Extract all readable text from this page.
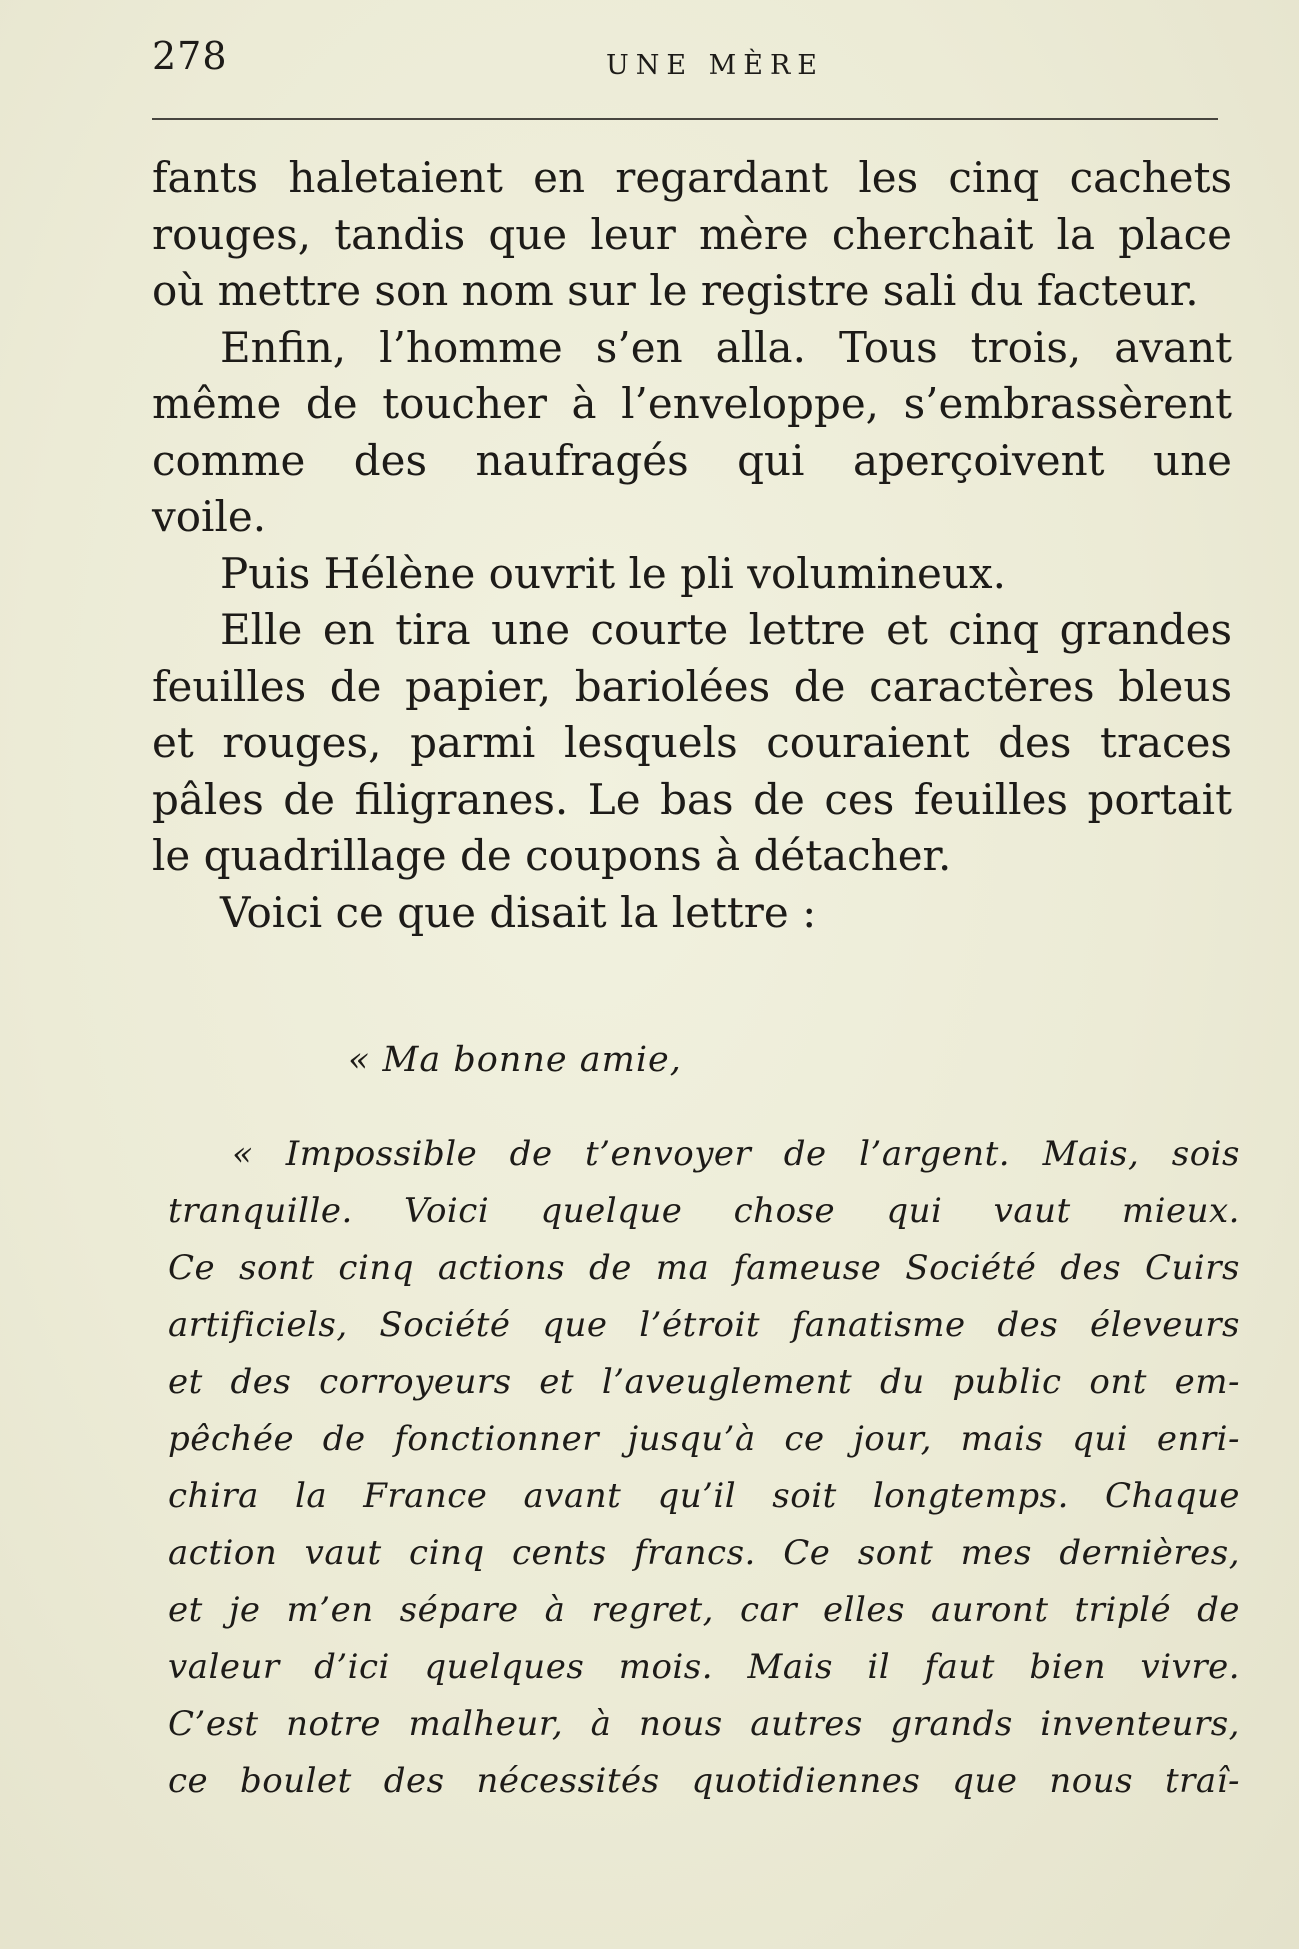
278	UNE MÈRE
fants haletaient en regardant les cinq cachets
rouges, tandis que leur mère cherchait la place
où mettre son nom sur le registre sali du facteur.
Enfin, l’homme s’en alla. Tous trois, avant
même de toucher à l’enveloppe, s’embrassèrent
comme des naufragés qui aperçoivent une
voile.
Puis Hélène ouvrit le pli volumineux.
Elle en tira une courte lettre et cinq grandes
feuilles de papier, bariolées de caractères bleus
et rouges, parmi lesquels couraient des traces
pâles de filigranes. Le bas de ces feuilles portait
le quadrillage de coupons à détacher.
Voici ce que disait la lettre :
« Ma bonne amie,
« Impossible de t’envoyer de l’argent. Mais, sois
tranquille. Voici quelque chose qui vaut mieux.
Ce sont cinq actions de ma fameuse Société des Cuirs
artificiels, Société que l’étroit fanatisme des éleveurs
et des corroyeurs et l’aveuglement du public ont em-
pêchée de fonctionner jusqu’à ce jour, mais qui enri-
chira la France avant qu’il soit longtemps. Chaque
action vaut cinq cents francs. Ce sont mes dernières,
et je m’en sépare à regret, car elles auront triplé de
valeur d’ici quelques mois. Mais il faut bien vivre.
C’est notre malheur, à nous autres grands inventeurs,
ce boulet des nécessités quotidiennes que nous traî-
